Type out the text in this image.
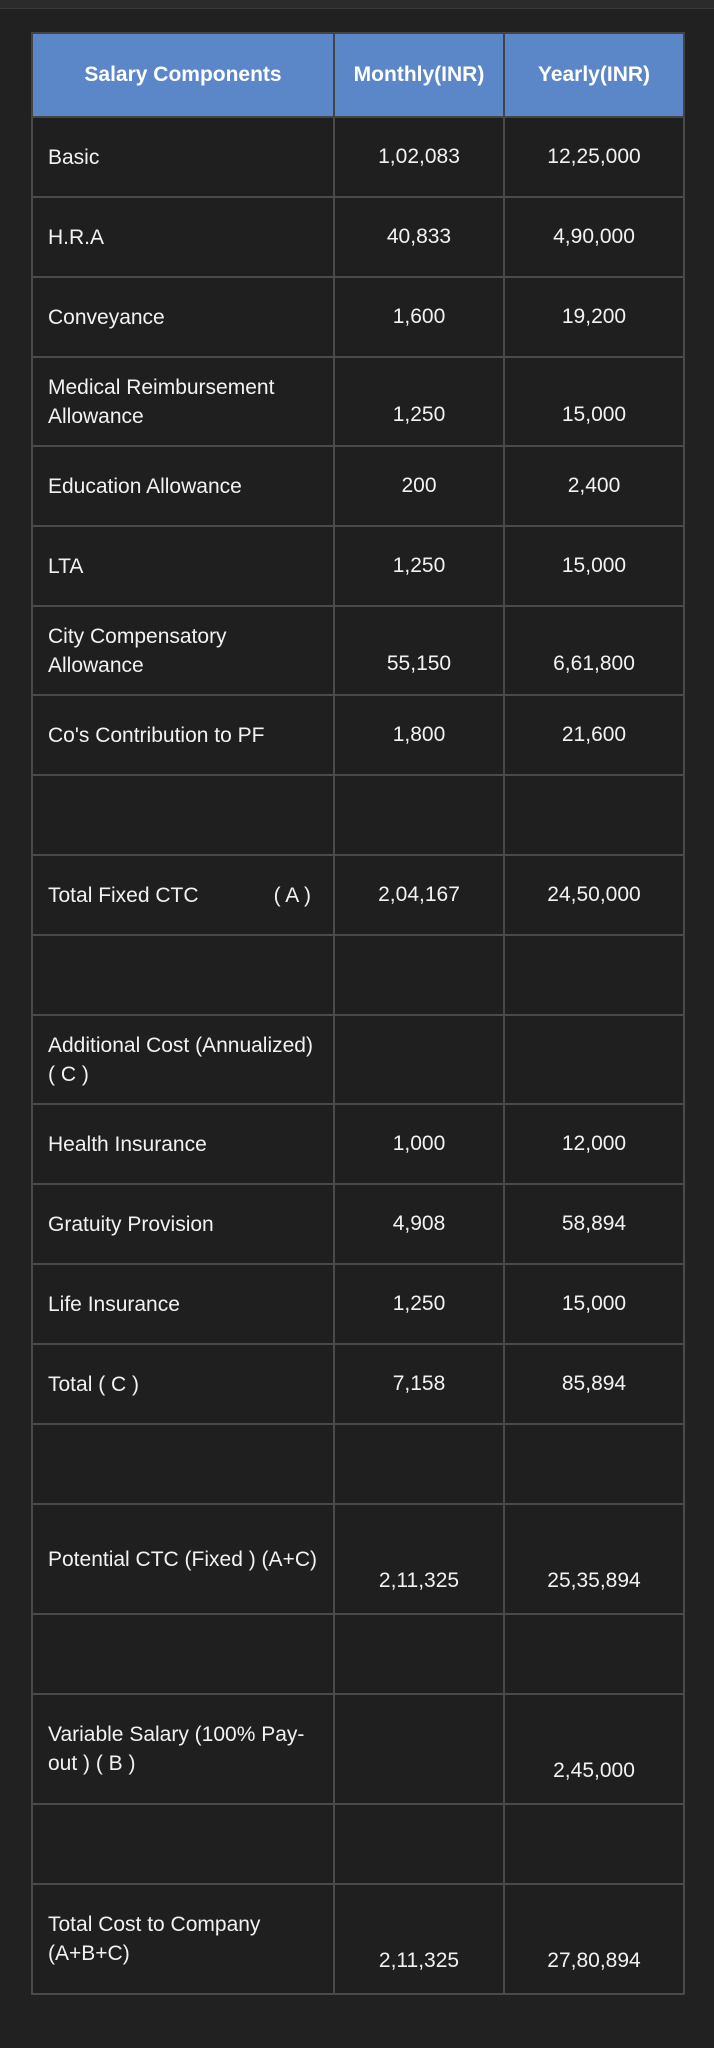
Salary Components	Monthly(INR)	Yearly(INR)
Basic	1,02,083	12,25,000
H.R.A	40,833	4,90,000
Conveyance	1,600	19,200
Medical Reimbursement Allowance	1,250	15,000
Education Allowance	200	2,400
LTA	1,250	15,000
City Compensatory Allowance	55,150	6,61,800
Co's Contribution to PF	1,800	21,600

Total Fixed CTC ( A )	2,04,167	24,50,000

Additional Cost (Annualized) ( C )		
Health Insurance	1,000	12,000
Gratuity Provision	4,908	58,894
Life Insurance	1,250	15,000
Total ( C )	7,158	85,894

Potential CTC (Fixed ) (A+C)	2,11,325	25,35,894

Variable Salary (100% Pay-out ) ( B )		2,45,000

Total Cost to Company (A+B+C)	2,11,325	27,80,894
